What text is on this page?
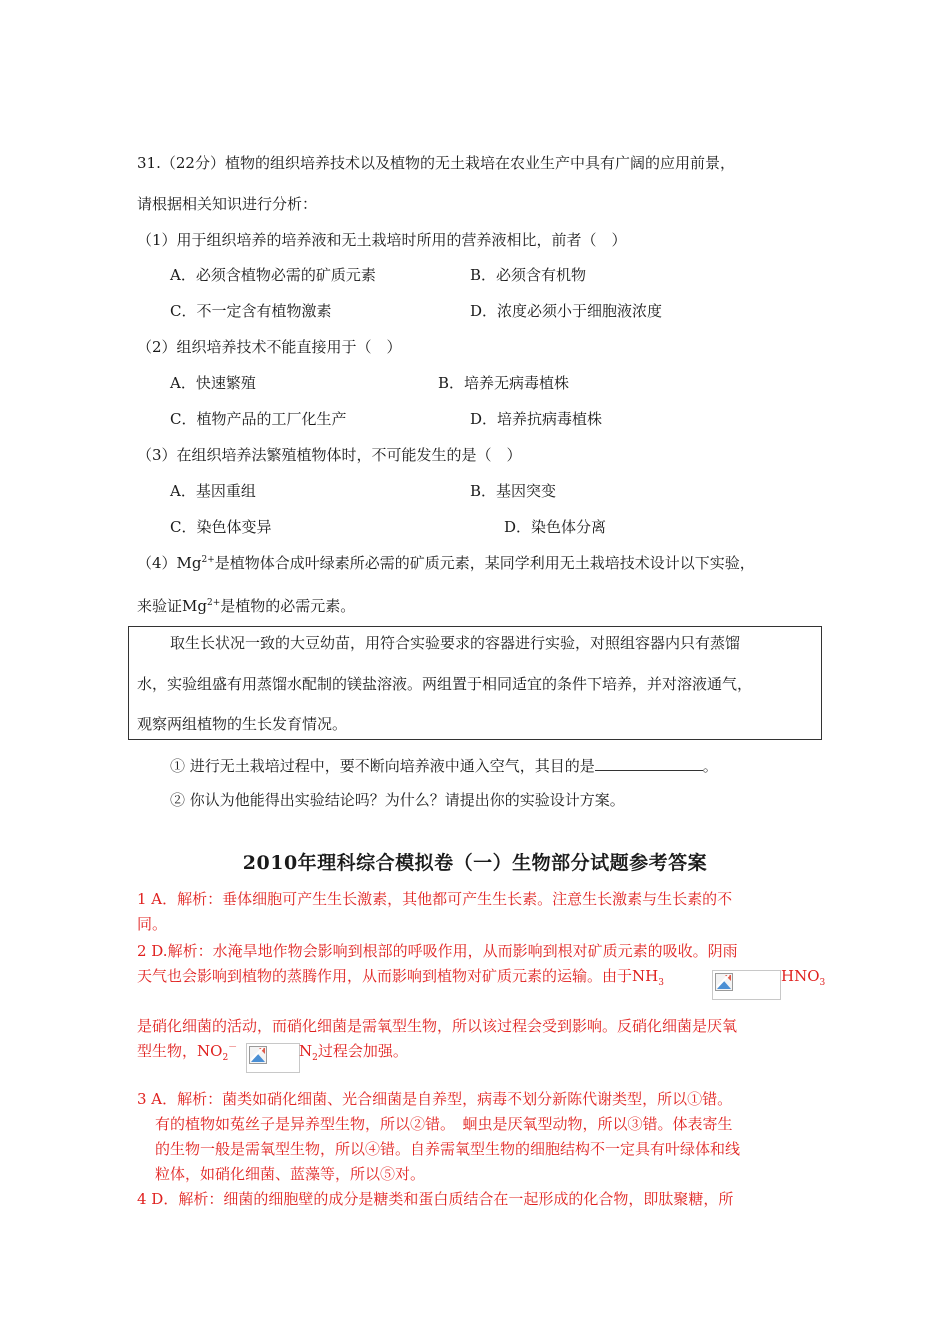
31.（22分）植物的组织培养技术以及植物的无土栽培在农业生产中具有广阔的应用前景，
请根据相关知识进行分析：
（1）用于组织培养的培养液和无土栽培时所用的营养液相比，前者（　）
A．必须含植物必需的矿质元素	B．必须含有机物
C．不一定含有植物激素	D．浓度必须小于细胞液浓度
（2）组织培养技术不能直接用于（　）
A．快速繁殖	B．培养无病毒植株
C．植物产品的工厂化生产	D．培养抗病毒植株
（3）在组织培养法繁殖植物体时，不可能发生的是（　）
A．基因重组	B．基因突变
C．染色体变异	D．染色体分离
$(4)Mg^{2+}$是植物体合成叶绿素所必需的矿质元素，某同学利用无土栽培技术设计以下实验，
来验证$Mg^{2+}$是植物的必需元素。
取生长状况一致的大豆幼苗，用符合实验要求的容器进行实验，对照组容器内只有蒸馏
水，实验组盛有用蒸馏水配制的镁盐溶液。两组置于相同适宜的条件下培养，并对溶液通气，
观察两组植物的生长发育情况。
① 进行无土栽培过程中，要不断向培养液中通入空气，其目的是	。
② 你认为他能得出实验结论吗？为什么？请提出你的实验设计方案。
2010年理科综合模拟卷（一）生物部分试题参考答案
1 A．解析：垂体细胞可产生生长激素，其他都可产生生长素。注意生长激素与生长素的不
同。
2 D.解析：水淹旱地作物会影响到根部的呼吸作用，从而影响到根对矿质元素的吸收。阴雨
天气也会影响到植物的蒸腾作用，从而影响到植物对矿质元素的运输。由于$NH_3$	$HNO_3$
是硝化细菌的活动，而硝化细菌是需氧型生物，所以该过程会受到影响。反硝化细菌是厌氧
型生物，$NO_2^-$	$N_2$过程会加强。
3 A．解析：菌类如硝化细菌、光合细菌是自养型，病毒不划分新陈代谢类型，所以①错。
有的植物如菟丝子是异养型生物，所以②错。　蛔虫是厌氧型动物，所以③错。体表寄生
的生物一般是需氧型生物，所以④错。自养需氧型生物的细胞结构不一定具有叶绿体和线
粒体，如硝化细菌、蓝藻等，所以⑤对。
4 D．解析：细菌的细胞壁的成分是糖类和蛋白质结合在一起形成的化合物，即肽聚糖，所
